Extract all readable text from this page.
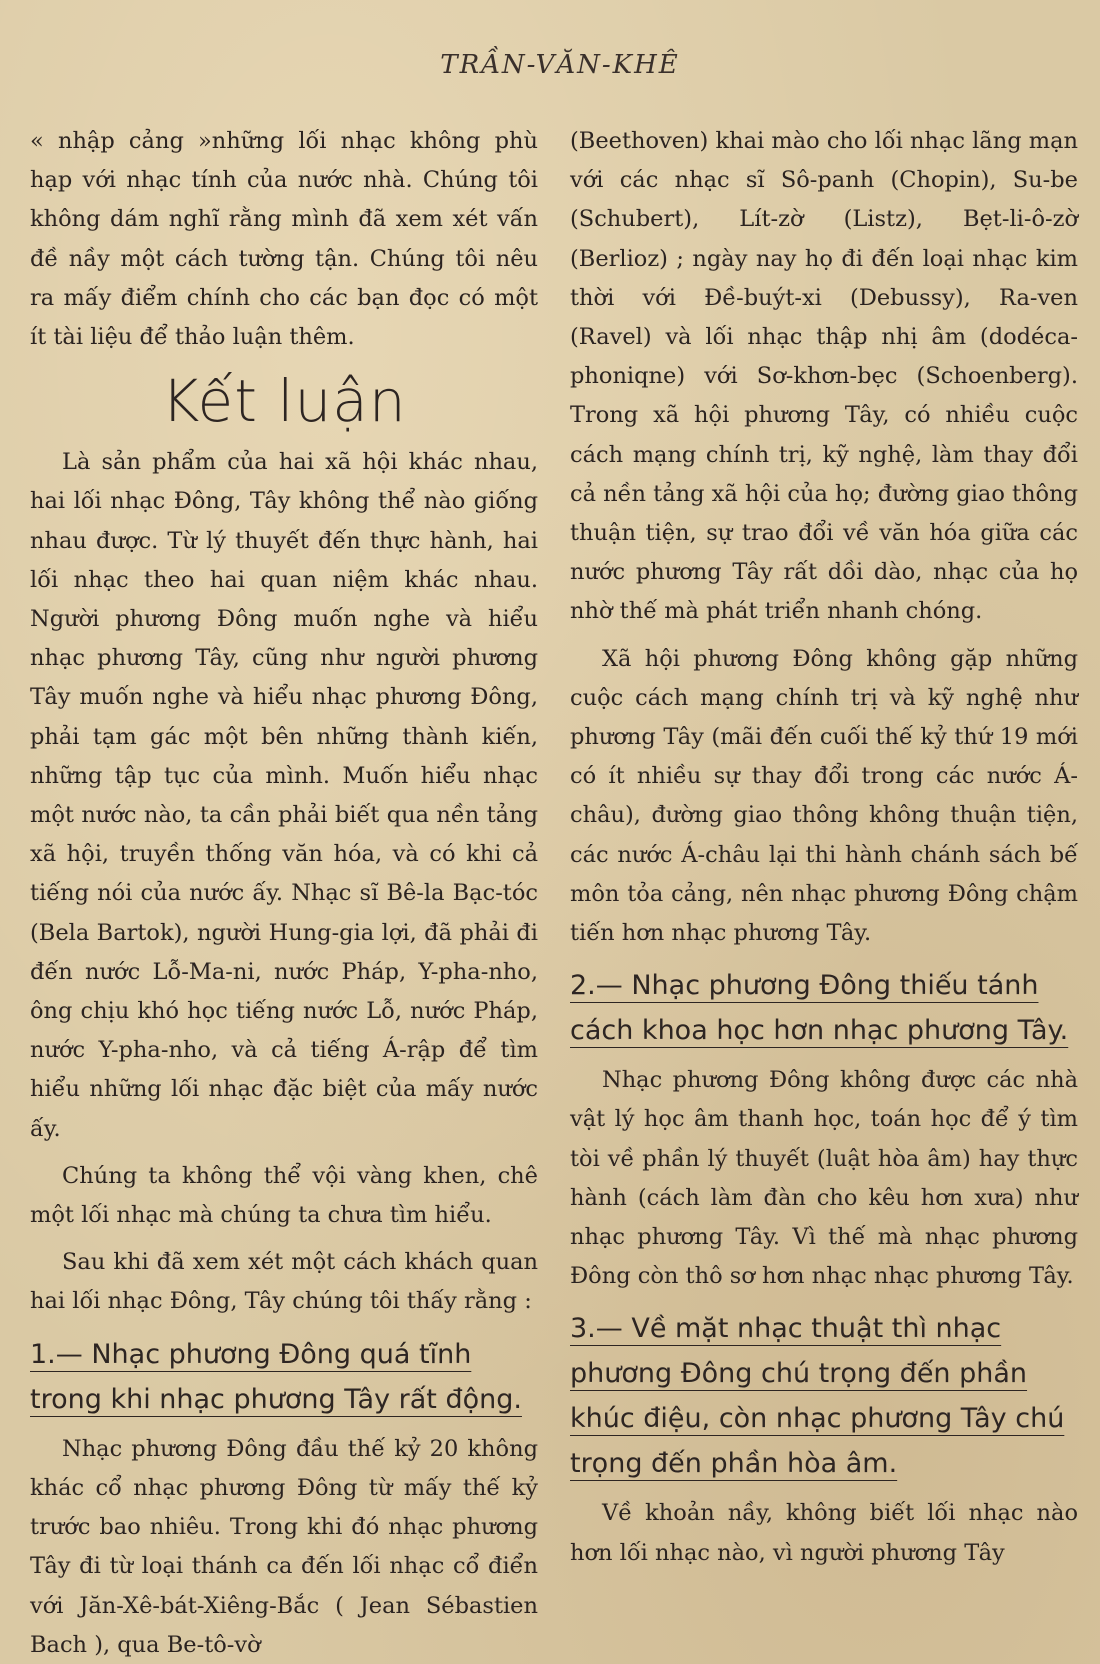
TRẦN-VĂN-KHÊ

« nhập cảng »những lối nhạc không phù hạp với nhạc tính của nước nhà. Chúng tôi không dám nghĩ rằng mình đã xem xét vấn đề nầy một cách tường tận. Chúng tôi nêu ra mấy điểm chính cho các bạn đọc có một ít tài liệu để thảo luận thêm.

Kết luận

Là sản phẩm của hai xã hội khác nhau, hai lối nhạc Đông, Tây không thể nào giống nhau được. Từ lý thuyết đến thực hành, hai lối nhạc theo hai quan niệm khác nhau. Người phương Đông muốn nghe và hiểu nhạc phương Tây, cũng như người phương Tây muốn nghe và hiểu nhạc phương Đông, phải tạm gác một bên những thành kiến, những tập tục của mình. Muốn hiểu nhạc một nước nào, ta cần phải biết qua nền tảng xã hội, truyền thống văn hóa, và có khi cả tiếng nói của nước ấy. Nhạc sĩ Bê-la Bạc-tóc (Bela Bartok), người Hung-gia lợi, đã phải đi đến nước Lỗ-Ma-ni, nước Pháp, Y-pha-nho, ông chịu khó học tiếng nước Lỗ, nước Pháp, nước Y-pha-nho, và cả tiếng Á-rập để tìm hiểu những lối nhạc đặc biệt của mấy nước ấy.

Chúng ta không thể vội vàng khen, chê một lối nhạc mà chúng ta chưa tìm hiểu.

Sau khi đã xem xét một cách khách quan hai lối nhạc Đông, Tây chúng tôi thấy rằng :

1.— Nhạc phương Đông quá tĩnh trong khi nhạc phương Tây rất động.

Nhạc phương Đông đầu thế kỷ 20 không khác cổ nhạc phương Đông từ mấy thế kỷ trước bao nhiêu. Trong khi đó nhạc phương Tây đi từ loại thánh ca đến lối nhạc cổ điển với Jăn-Xê-bát-Xiêng-Bắc ( Jean Sébastien Bach ), qua Be-tô-vờ

(Beethoven) khai mào cho lối nhạc lãng mạn với các nhạc sĩ Sô-panh (Chopin), Su-be (Schubert), Lít-zờ (Listz), Bẹt-li-ô-zờ (Berlioz) ; ngày nay họ đi đến loại nhạc kim thời với Đề-buýt-xi (Debussy), Ra-ven (Ravel) và lối nhạc thập nhị âm (dodéca-phoniqne) với Sơ-khơn-bẹc (Schoenberg). Trong xã hội phương Tây, có nhiều cuộc cách mạng chính trị, kỹ nghệ, làm thay đổi cả nền tảng xã hội của họ; đường giao thông thuận tiện, sự trao đổi về văn hóa giữa các nước phương Tây rất dồi dào, nhạc của họ nhờ thế mà phát triển nhanh chóng.

Xã hội phương Đông không gặp những cuộc cách mạng chính trị và kỹ nghệ như phương Tây (mãi đến cuối thế kỷ thứ 19 mới có ít nhiều sự thay đổi trong các nước Á-châu), đường giao thông không thuận tiện, các nước Á-châu lại thi hành chánh sách bế môn tỏa cảng, nên nhạc phương Đông chậm tiến hơn nhạc phương Tây.

2.— Nhạc phương Đông thiếu tánh cách khoa học hơn nhạc phương Tây.

Nhạc phương Đông không được các nhà vật lý học âm thanh học, toán học để ý tìm tòi về phần lý thuyết (luật hòa âm) hay thực hành (cách làm đàn cho kêu hơn xưa) như nhạc phương Tây. Vì thế mà nhạc phương Đông còn thô sơ hơn nhạc nhạc phương Tây.

3.— Về mặt nhạc thuật thì nhạc phương Đông chú trọng đến phần khúc điệu, còn nhạc phương Tây chú trọng đến phần hòa âm.

Về khoản nầy, không biết lối nhạc nào hơn lối nhạc nào, vì người phương Tây
